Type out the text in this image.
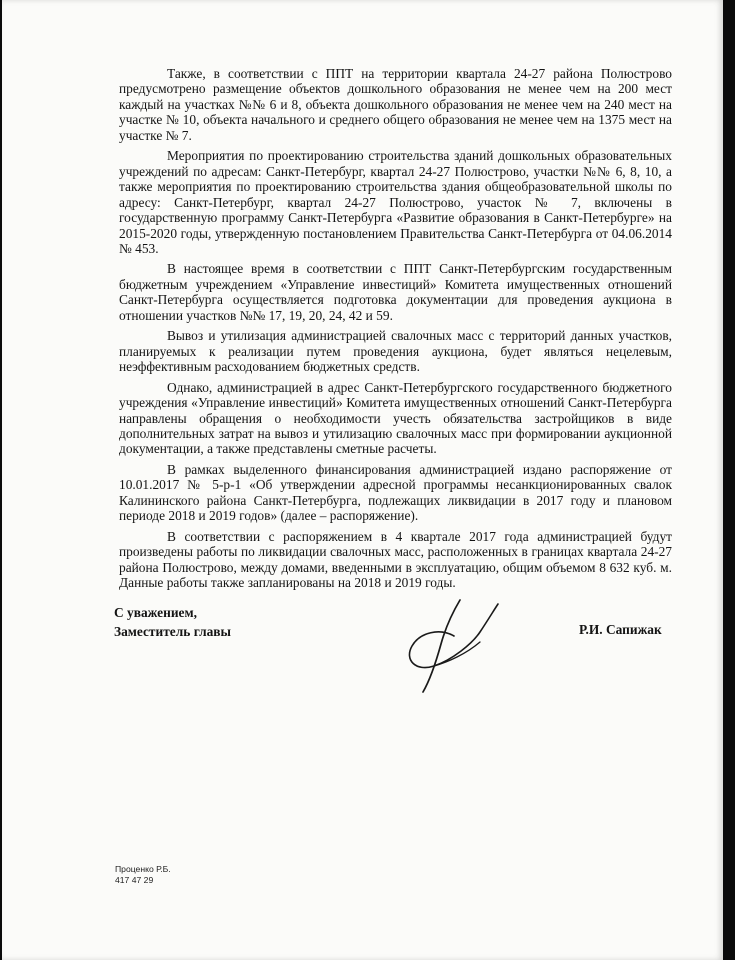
Также, в соответствии с ППТ на территории квартала 24-27 района Полюстрово предусмотрено размещение объектов дошкольного образования не менее чем на 200 мест каждый на участках №№ 6 и 8, объекта дошкольного образования не менее чем на 240 мест на участке № 10, объекта начального и среднего общего образования не менее чем на 1375 мест на участке № 7.

Мероприятия по проектированию строительства зданий дошкольных образовательных учреждений по адресам: Санкт-Петербург, квартал 24-27 Полюстрово, участки №№ 6, 8, 10, а также мероприятия по проектированию строительства здания общеобразовательной школы по адресу: Санкт-Петербург, квартал 24-27 Полюстрово, участок № 7, включены в государственную программу Санкт-Петербурга «Развитие образования в Санкт-Петербурге» на 2015-2020 годы, утвержденную постановлением Правительства Санкт-Петербурга от 04.06.2014 № 453.

В настоящее время в соответствии с ППТ Санкт-Петербургским государственным бюджетным учреждением «Управление инвестиций» Комитета имущественных отношений Санкт-Петербурга осуществляется подготовка документации для проведения аукциона в отношении участков №№ 17, 19, 20, 24, 42 и 59.

Вывоз и утилизация администрацией свалочных масс с территорий данных участков, планируемых к реализации путем проведения аукциона, будет являться нецелевым, неэффективным расходованием бюджетных средств.

Однако, администрацией в адрес Санкт-Петербургского государственного бюджетного учреждения «Управление инвестиций» Комитета имущественных отношений Санкт-Петербурга направлены обращения о необходимости учесть обязательства застройщиков в виде дополнительных затрат на вывоз и утилизацию свалочных масс при формировании аукционной документации, а также представлены сметные расчеты.

В рамках выделенного финансирования администрацией издано распоряжение от 10.01.2017 № 5-р-1 «Об утверждении адресной программы несанкционированных свалок Калининского района Санкт-Петербурга, подлежащих ликвидации в 2017 году и плановом периоде 2018 и 2019 годов» (далее – распоряжение).

В соответствии с распоряжением в 4 квартале 2017 года администрацией будут произведены работы по ликвидации свалочных масс, расположенных в границах квартала 24-27 района Полюстрово, между домами, введенными в эксплуатацию, общим объемом 8 632 куб. м. Данные работы также запланированы на 2018 и 2019 годы.

С уважением,
Заместитель главы	Р.И. Сапижак
Проценко Р.Б.
417 47 29
